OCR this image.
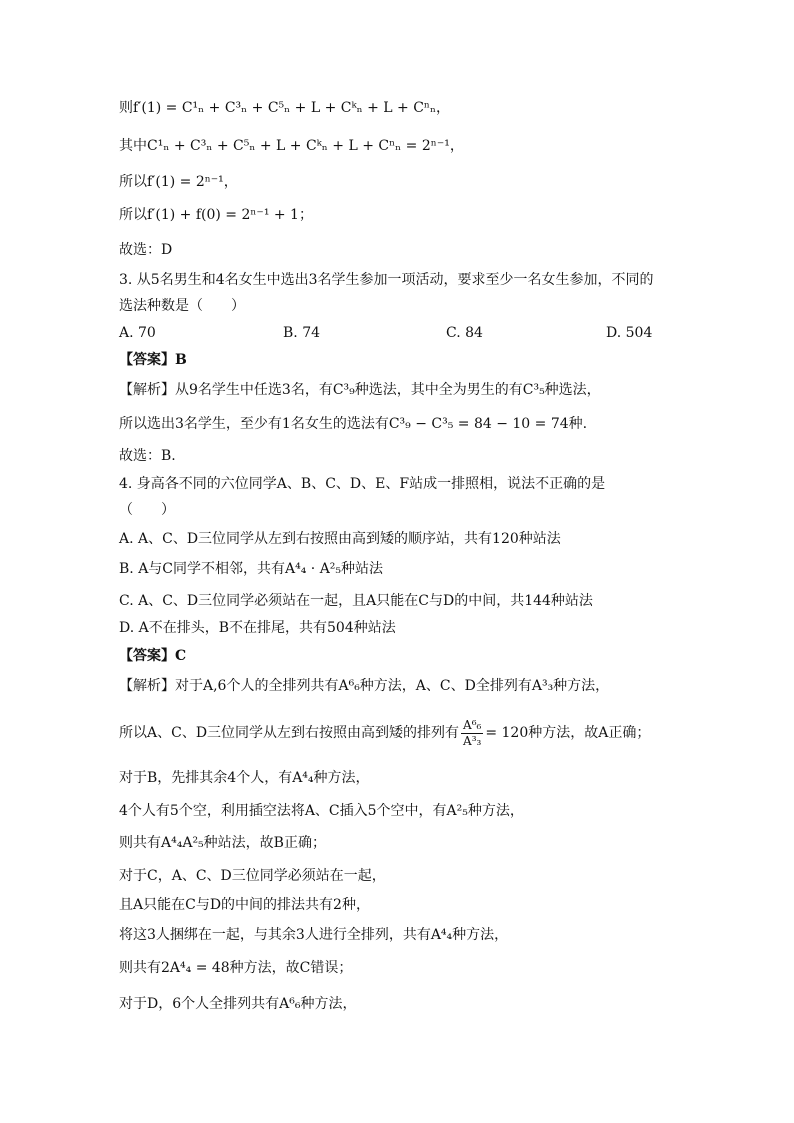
则f′(1) = C¹ₙ + C³ₙ + C⁵ₙ + L + Cᵏₙ + L + Cⁿₙ，
其中C¹ₙ + C³ₙ + C⁵ₙ + L + Cᵏₙ + L + Cⁿₙ = 2ⁿ⁻¹，
所以f′(1) = 2ⁿ⁻¹，
所以f′(1) + f(0) = 2ⁿ⁻¹ + 1；
故选：D
3. 从5名男生和4名女生中选出3名学生参加一项活动，要求至少一名女生参加，不同的
选法种数是（　　）
A. 70	B. 74	C. 84	D. 504
【答案】B
【解析】从9名学生中任选3名，有C³₉种选法，其中全为男生的有C³₅种选法，
所以选出3名学生，至少有1名女生的选法有C³₉ − C³₅ = 84 − 10 = 74种.
故选：B.
4. 身高各不同的六位同学A、B、C、D、E、F站成一排照相，说法不正确的是
（　　）
A. A、C、D三位同学从左到右按照由高到矮的顺序站，共有120种站法
B. A与C同学不相邻，共有A⁴₄ · A²₅种站法
C. A、C、D三位同学必须站在一起，且A只能在C与D的中间，共144种站法
D. A不在排头，B不在排尾，共有504种站法
【答案】C
【解析】对于A,6个人的全排列共有A⁶₆种方法，A、C、D全排列有A³₃种方法，
所以A、C、D三位同学从左到右按照由高到矮的排列有 $\frac{\text{A⁶₆}}{\text{A³₃}} = 120$种方法，故A正确；
对于B，先排其余4个人，有A⁴₄种方法，
4个人有5个空，利用插空法将A、C插入5个空中，有A²₅种方法，
则共有A⁴₄A²₅种站法，故B正确；
对于C，A、C、D三位同学必须站在一起，
且A只能在C与D的中间的排法共有2种，
将这3人捆绑在一起，与其余3人进行全排列，共有A⁴₄种方法，
则共有2A⁴₄ = 48种方法，故C错误；
对于D，6个人全排列共有A⁶₆种方法，
